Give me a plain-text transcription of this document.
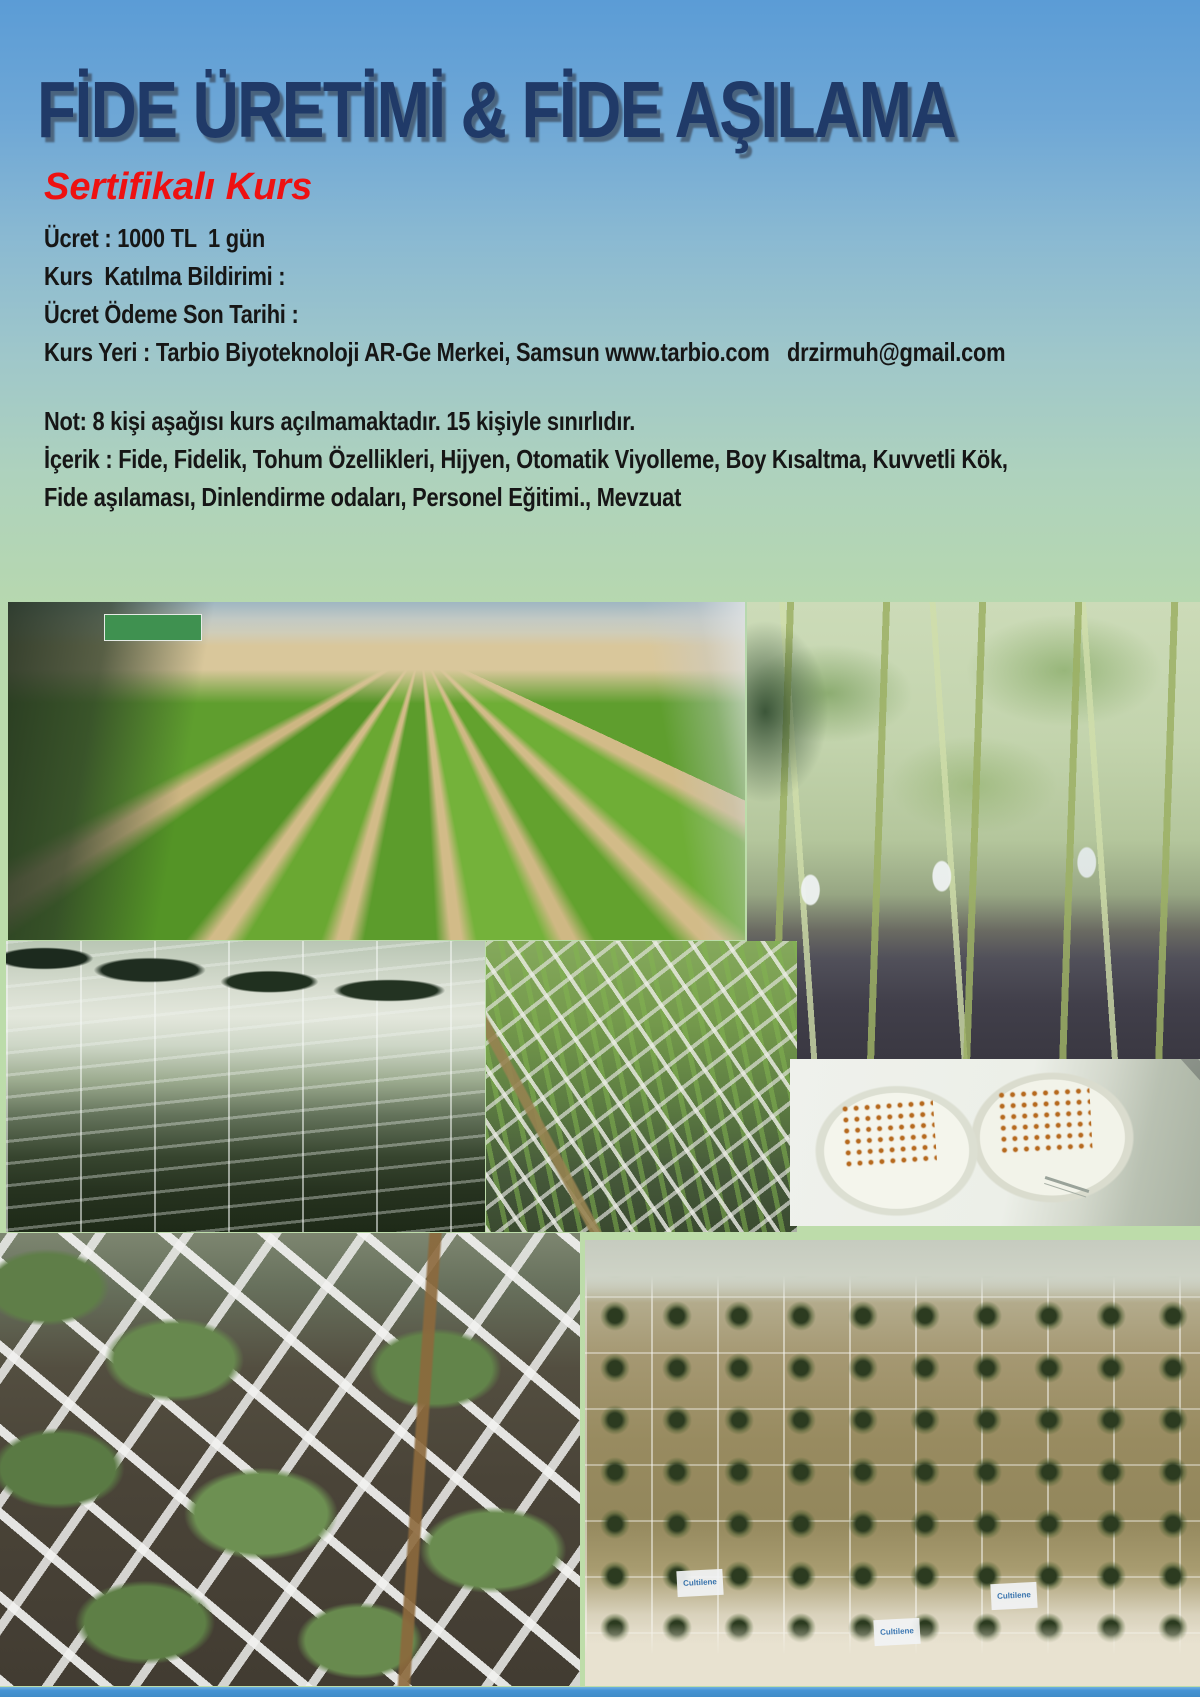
FİDE ÜRETİMİ & FİDE AŞILAMA
Sertifikalı Kurs
Ücret : 1000 TL  1 gün
Kurs  Katılma Bildirimi :
Ücret Ödeme Son Tarihi :
Kurs Yeri : Tarbio Biyoteknoloji AR-Ge Merkei, Samsun www.tarbio.com   drzirmuh@gmail.com
Not: 8 kişi aşağısı kurs açılmamaktadır. 15 kişiyle sınırlıdır.
İçerik : Fide, Fidelik, Tohum Özellikleri, Hijyen, Otomatik Viyolleme, Boy Kısaltma, Kuvvetli Kök,
Fide aşılaması, Dinlendirme odaları, Personel Eğitimi., Mevzuat
Cultilene
Cultilene
Cultilene
